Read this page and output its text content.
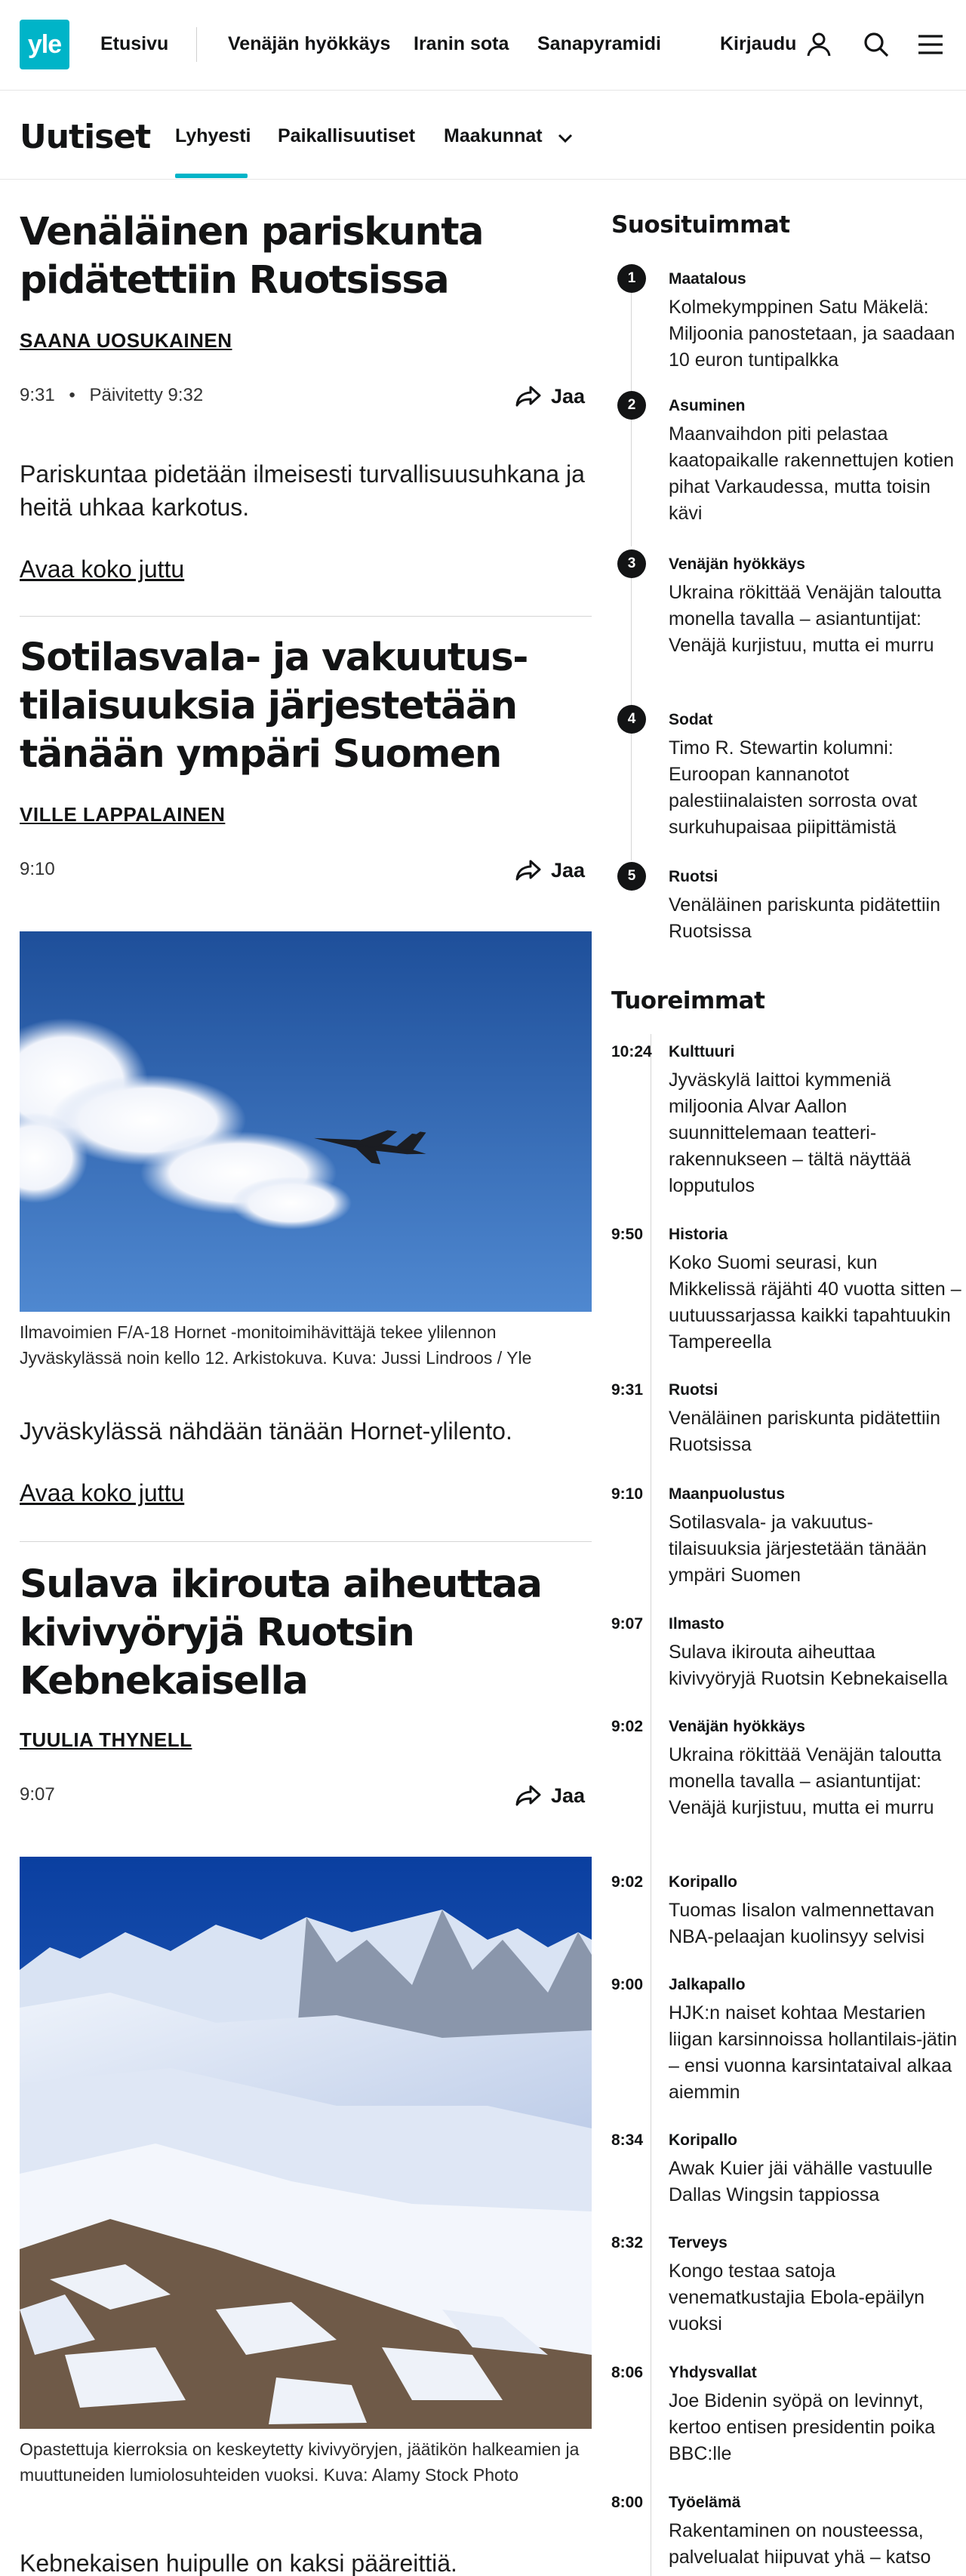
yle	Etusivu	Venäjän hyökkäys Iranin sota Sanapyramidi	Kirjaudu
Uutiset Lyhyesti Paikallisuutiset Maakunnat
Venäläinen pariskunta pidätettiin Ruotsissa
SAANA UOSUKAINEN
9:31 • Päivitetty 9:32	Jaa

Pariskuntaa pidetään ilmeisesti turvallisuusuhkana ja heitä uhkaa karkotus.

Avaa koko juttu
Sotilasvala- ja vakuutus-tilaisuuksia järjestetään tänään ympäri Suomen
VILLE LAPPALAINEN
9:10	Jaa

Ilmavoimien F/A-18 Hornet -monitoimihävittäjä tekee ylilennon Jyväskylässä noin kello 12. Arkistokuva. Kuva: Jussi Lindroos / Yle

Jyväskylässä nähdään tänään Hornet-ylilento.

Avaa koko juttu
Sulava ikirouta aiheuttaa kivivyöryjä Ruotsin Kebnekaisella
TUULIA THYNELL
9:07	Jaa

Opastettuja kierroksia on keskeytetty kivivyöryjen, jäätikön halkeamien ja muuttuneiden lumiolosuhteiden vuoksi. Kuva: Alamy Stock Photo

Kebnekaisen huipulle on kaksi pääreittiä.

Suosituimmat
1	Maatalous
Kolmekymppinen Satu Mäkelä: Miljoonia panostetaan, ja saadaan 10 euron tuntipalkka
2	Asuminen
Maanvaihdon piti pelastaa kaatopaikalle rakennettujen kotien pihat Varkaudessa, mutta toisin kävi
3	Venäjän hyökkäys
Ukraina rökittää Venäjän taloutta monella tavalla – asiantuntijat: Venäjä kurjistuu, mutta ei murru
4	Sodat
Timo R. Stewartin kolumni: Euroopan kannanotot palestiinalaisten sorrosta ovat surkuhupaisaa piipittämistä
5	Ruotsi
Venäläinen pariskunta pidätettiin Ruotsissa
Tuoreimmat
10:24 Kulttuuri
Jyväskylä laittoi kymmeniä miljoonia Alvar Aallon suunnittelemaan teatteri-rakennukseen – tältä näyttää lopputulos
9:50	Historia
Koko Suomi seurasi, kun Mikkelissä räjähti 40 vuotta sitten – uutuussarjassa kaikki tapahtuukin Tampereella
9:31	Ruotsi
Venäläinen pariskunta pidätettiin Ruotsissa
9:10	Maanpuolustus
Sotilasvala- ja vakuutus-tilaisuuksia järjestetään tänään ympäri Suomen
9:07	Ilmasto
Sulava ikirouta aiheuttaa kivivyöryjä Ruotsin Kebnekaisella
9:02	Venäjän hyökkäys
Ukraina rökittää Venäjän taloutta monella tavalla – asiantuntijat: Venäjä kurjistuu, mutta ei murru
9:02	Koripallo
Tuomas Iisalon valmennettavan NBA-pelaajan kuolinsyy selvisi
9:00	Jalkapallo
HJK:n naiset kohtaa Mestarien liigan karsinnoissa hollantilais-jätin – ensi vuonna karsintataival alkaa aiemmin
8:34	Koripallo
Awak Kuier jäi vähälle vastuulle Dallas Wingsin tappiossa
8:32	Terveys
Kongo testaa satoja venematkustajia Ebola-epäilyn vuoksi
8:06	Yhdysvallat
Joe Bidenin syöpä on levinnyt, kertoo entisen presidentin poika BBC:lle
8:00	Työelämä
Rakentaminen on nousteessa, palvelualat hiipuvat yhä – katso
